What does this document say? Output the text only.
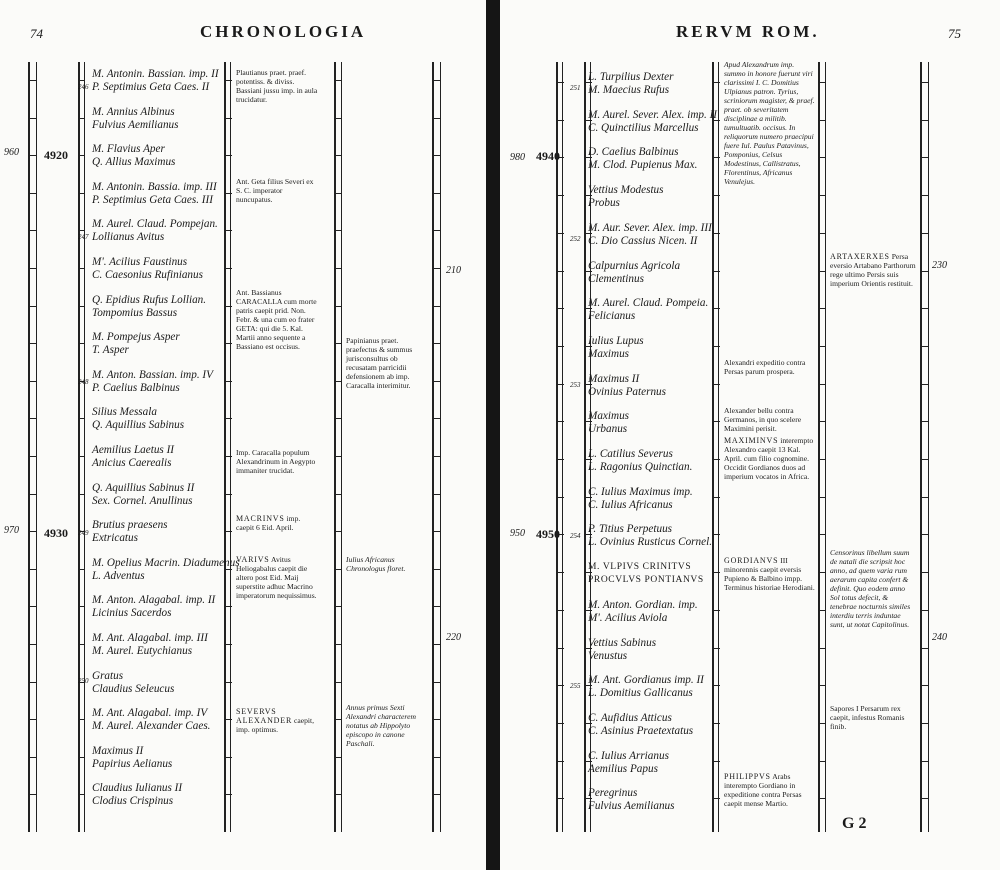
74	CHRONOLOGIA
960
970
4920
4930
210
220
246
247
248
249
250
M. Antonin. Bassian. imp. II
P. Septimius Geta Caes. II
M. Annius Albinus
Fulvius Aemilianus
M. Flavius Aper
Q. Allius Maximus
M. Antonin. Bassia. imp. III
P. Septimius Geta Caes. III
M. Aurel. Claud. Pompejan.
Lollianus Avitus
M'. Acilius Faustinus
C. Caesonius Rufinianus
Q. Epidius Rufus Lollian.
Tompomius Bassus
M. Pompejus Asper
T. Asper
M. Anton. Bassian. imp. IV
P. Caelius Balbinus
Silius Messala
Q. Aquillius Sabinus
Aemilius Laetus II
Anicius Caerealis
Q. Aquillius Sabinus II
Sex. Cornel. Anullinus
Brutius praesens
Extricatus
M. Opelius Macrin. Diadumenus
L. Adventus
M. Anton. Alagabal. imp. II
Licinius Sacerdos
M. Ant. Alagabal. imp. III
M. Aurel. Eutychianus
Gratus
Claudius Seleucus
M. Ant. Alagabal. imp. IV
M. Aurel. Alexander Caes.
Maximus II
Papirius Aelianus
Claudius Iulianus II
Clodius Crispinus
Plautianus praet. praef. potentiss. & diviss. Bassiani jussu imp. in aula trucidatur.
Ant. Geta filius Severi ex S. C. imperator nuncupatus.
Ant. Bassianus CARACALLA cum morte patris caepit prid. Non. Febr. & una cum eo frater GETA: qui die 5. Kal. Martii anno sequente a Bassiano est occisus.
Imp. Caracalla populum Alexandrinum in Aegypto immaniter trucidat.
MACRINVS imp. caepit 6 Eid. April.
VARIVS Avitus Heliogabalus caepit die altero post Eid. Maij superstite adhuc Macrino imperatorum nequissimus.
SEVERVS ALEXANDER caepit, imp. optimus.
Papinianus praet. praefectus & summus jurisconsultus ob recusatam parricidii defensionem ab imp. Caracalla interimitur.
Iulius Africanus Chronologus floret.
Annus primus Sexti Alexandri characterem notatus ab Hippolyto episcopo in canone Paschali.
RERVM ROM.	75
980
950
4940
4950
230
240
251
252
253
254
255
L. Turpilius Dexter
M. Maecius Rufus
M. Aurel. Sever. Alex. imp. II
C. Quinctilius Marcellus
D. Caelius Balbinus
M. Clod. Pupienus Max.
Vettius Modestus
Probus
M. Aur. Sever. Alex. imp. III
C. Dio Cassius Nicen. II
Calpurnius Agricola
Clementinus
M. Aurel. Claud. Pompeia.
Felicianus
Iulius Lupus
Maximus
Maximus II
Ovinius Paternus
Maximus
Urbanus
L. Catilius Severus
L. Ragonius Quinctian.
C. Iulius Maximus imp.
C. Iulius Africanus
P. Titius Perpetuus
L. Ovinius Rusticus Cornel.
M. VLPIVS CRINITVS
PROCVLVS PONTIANVS
M. Anton. Gordian. imp.
M'. Acilius Aviola
Vettius Sabinus
Venustus
M. Ant. Gordianus imp. II
L. Domitius Gallicanus
C. Aufidius Atticus
C. Asinius Praetextatus
C. Iulius Arrianus
Aemilius Papus
Peregrinus
Fulvius Aemilianus
Apud Alexandrum imp. summo in honore fuerunt viri clarissimi I. C. Domitius Ulpianus patron. Tyrius, scriniorum magister, & praef. praet. ob severitatem disciplinae a militib. tumultuatib. occisus. In reliquorum numero praecipui fuere Iul. Paulus Patavinus, Pomponius, Celsus Modestinus, Callistratus, Florentinus, Africanus Venulejus.
Alexandri expeditio contra Persas parum prospera.
Alexander bellu contra Germanos, in quo scelere Maximini perisit.
MAXIMINVS interempto Alexandro caepit 13 Kal. April. cum filio cognomine. Occidit Gordianos duos ad imperium vocatos in Africa.
GORDIANVS III minorennis caepit eversis Pupieno & Balbino impp. Terminus historiae Herodiani.
PHILIPPVS Arabs interempto Gordiano in expeditione contra Persas caepit mense Martio.
ARTAXERXES Persa eversio Artabano Parthorum rege ultimo Persis suis imperium Orientis restituit.
Censorinus libellum suum de natali die scripsit hoc anno, ad quem varia rum aerarum capita confert & definit. Quo eodem anno Sol totus defecit, & tenebrae nocturnis similes interdiu terris induntae sunt, ut notat Capitolinus.
Sapores I Persarum rex caepit, infestus Romanis finib.
G 2
